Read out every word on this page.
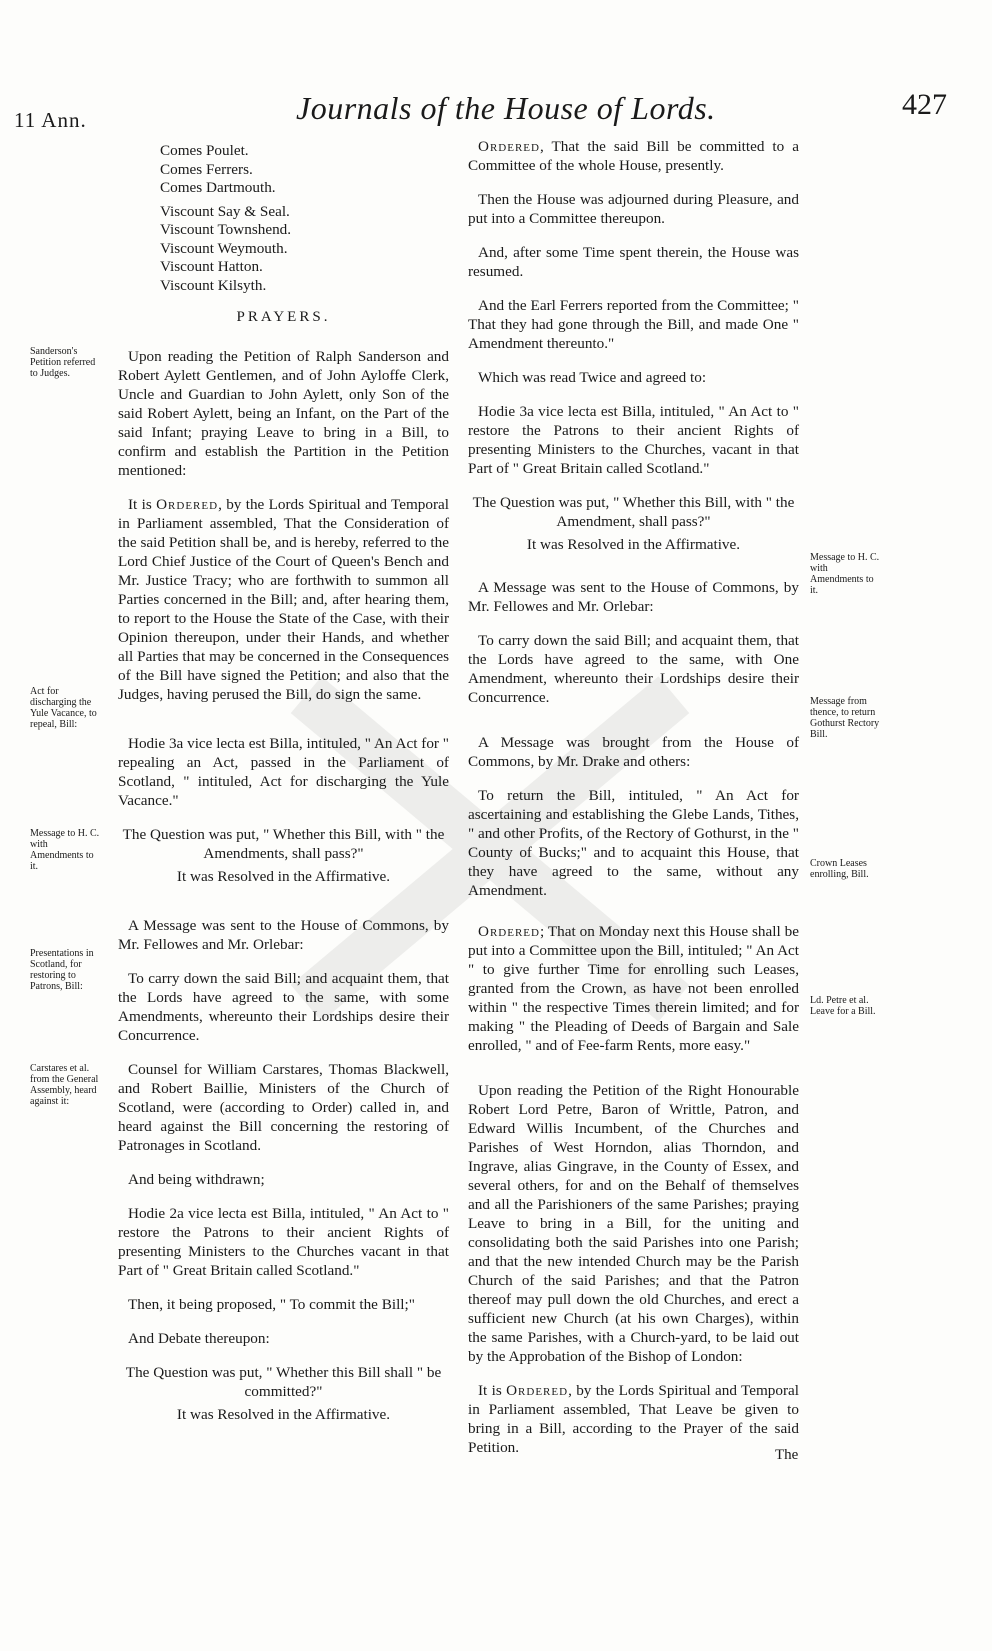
11 Ann.	Journals of the House of Lords.	427
Comes Poulet.
Comes Ferrers.
Comes Dartmouth.
Viscount Say & Seal.
Viscount Townshend.
Viscount Weymouth.
Viscount Hatton.
Viscount Kilsyth.
PRAYERS.

Upon reading the Petition of Ralph Sanderson and Robert Aylett Gentlemen, and of John Ayloffe Clerk, Uncle and Guardian to John Aylett, only Son of the said Robert Aylett, being an Infant, on the Part of the said Infant; praying Leave to bring in a Bill, to confirm and establish the Partition in the Petition mentioned:

It is Ordered, by the Lords Spiritual and Temporal in Parliament assembled, That the Consideration of the said Petition shall be, and is hereby, referred to the Lord Chief Justice of the Court of Queen's Bench and Mr. Justice Tracy; who are forthwith to summon all Parties concerned in the Bill; and, after hearing them, to report to the House the State of the Case, with their Opinion thereupon, under their Hands, and whether all Parties that may be concerned in the Consequences of the Bill have signed the Petition; and also that the Judges, having perused the Bill, do sign the same.

Hodie 3a vice lecta est Billa, intituled, " An Act for " repealing an Act, passed in the Parliament of Scotland, " intituled, Act for discharging the Yule Vacance."

The Question was put, " Whether this Bill, with " the Amendments, shall pass?"

It was Resolved in the Affirmative.

A Message was sent to the House of Commons, by Mr. Fellowes and Mr. Orlebar:

To carry down the said Bill; and acquaint them, that the Lords have agreed to the same, with some Amendments, whereunto their Lordships desire their Concurrence.

Counsel for William Carstares, Thomas Blackwell, and Robert Baillie, Ministers of the Church of Scotland, were (according to Order) called in, and heard against the Bill concerning the restoring of Patronages in Scotland.

And being withdrawn;

Hodie 2a vice lecta est Billa, intituled, " An Act to " restore the Patrons to their ancient Rights of presenting Ministers to the Churches vacant in that Part of " Great Britain called Scotland."

Then, it being proposed, " To commit the Bill;"

And Debate thereupon:

The Question was put, " Whether this Bill shall " be committed?"

It was Resolved in the Affirmative.

Ordered, That the said Bill be committed to a Committee of the whole House, presently.

Then the House was adjourned during Pleasure, and put into a Committee thereupon.

And, after some Time spent therein, the House was resumed.

And the Earl Ferrers reported from the Committee; " That they had gone through the Bill, and made One " Amendment thereunto."

Which was read Twice and agreed to:

Hodie 3a vice lecta est Billa, intituled, " An Act to " restore the Patrons to their ancient Rights of presenting Ministers to the Churches, vacant in that Part of " Great Britain called Scotland."

The Question was put, " Whether this Bill, with " the Amendment, shall pass?"

It was Resolved in the Affirmative.

A Message was sent to the House of Commons, by Mr. Fellowes and Mr. Orlebar:

To carry down the said Bill; and acquaint them, that the Lords have agreed to the same, with One Amendment, whereunto their Lordships desire their Concurrence.

A Message was brought from the House of Commons, by Mr. Drake and others:

To return the Bill, intituled, " An Act for ascertaining and establishing the Glebe Lands, Tithes, " and other Profits, of the Rectory of Gothurst, in the " County of Bucks;" and to acquaint this House, that they have agreed to the same, without any Amendment.

Ordered; That on Monday next this House shall be put into a Committee upon the Bill, intituled; " An Act " to give further Time for enrolling such Leases, granted from the Crown, as have not been enrolled within " the respective Times therein limited; and for making " the Pleading of Deeds of Bargain and Sale enrolled, " and of Fee-farm Rents, more easy."

Upon reading the Petition of the Right Honourable Robert Lord Petre, Baron of Writtle, Patron, and Edward Willis Incumbent, of the Churches and Parishes of West Horndon, alias Thorndon, and Ingrave, alias Gingrave, in the County of Essex, and several others, for and on the Behalf of themselves and all the Parishioners of the same Parishes; praying Leave to bring in a Bill, for the uniting and consolidating both the said Parishes into one Parish; and that the new intended Church may be the Parish Church of the said Parishes; and that the Patron thereof may pull down the old Churches, and erect a sufficient new Church (at his own Charges), within the same Parishes, with a Church-yard, to be laid out by the Approbation of the Bishop of London:

It is Ordered, by the Lords Spiritual and Temporal in Parliament assembled, That Leave be given to bring in a Bill, according to the Prayer of the said Petition.

Sanderson's Petition referred to Judges.
Act for discharging the Yule Vacance, to repeal, Bill:
Message to H. C. with Amendments to it.
Presentations in Scotland, for restoring to Patrons, Bill:
Carstares et al. from the General Assembly, heard against it:
Message to H. C. with Amendments to it.
Message from thence, to return Gothurst Rectory Bill.
Crown Leases enrolling, Bill.
Ld. Petre et al. Leave for a Bill.
The
